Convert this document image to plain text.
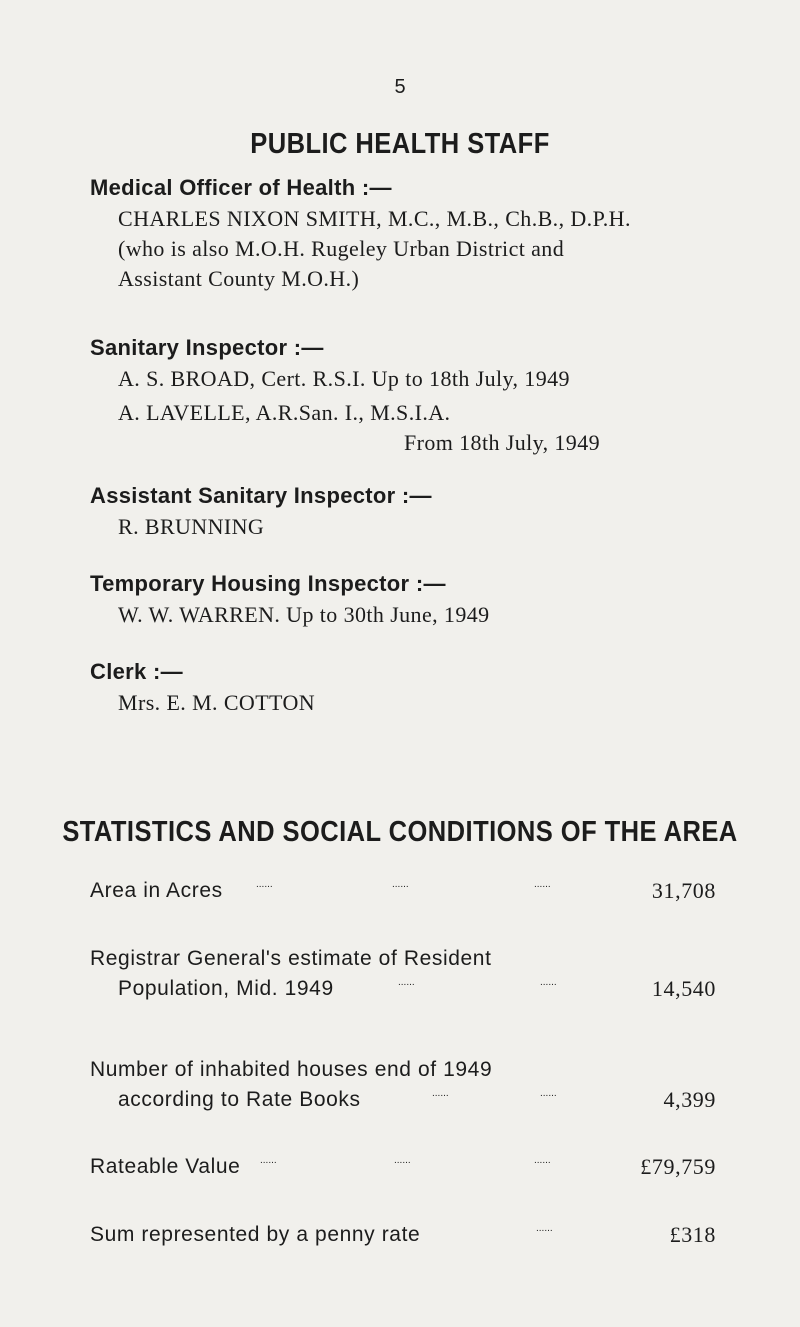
5
PUBLIC HEALTH STAFF
Medical Officer of Health :—
CHARLES NIXON SMITH, M.C., M.B., Ch.B., D.P.H.
(who is also M.O.H. Rugeley Urban District and
Assistant County M.O.H.)
Sanitary Inspector :—
A. S. BROAD, Cert. R.S.I. Up to 18th July, 1949
A. LAVELLE, A.R.San. I., M.S.I.A.
From 18th July, 1949
Assistant Sanitary Inspector :—
R. BRUNNING
Temporary Housing Inspector :—
W. W. WARREN. Up to 30th June, 1949
Clerk :—
Mrs. E. M. COTTON
STATISTICS AND SOCIAL CONDITIONS OF THE AREA
Area in Acres	......	......	......	31,708
Registrar General's estimate of Resident
Population, Mid. 1949	......	......	14,540
Number of inhabited houses end of 1949
according to Rate Books	......	......	4,399
Rateable Value	......	......	......	£79,759
Sum represented by a penny rate	......	£318
